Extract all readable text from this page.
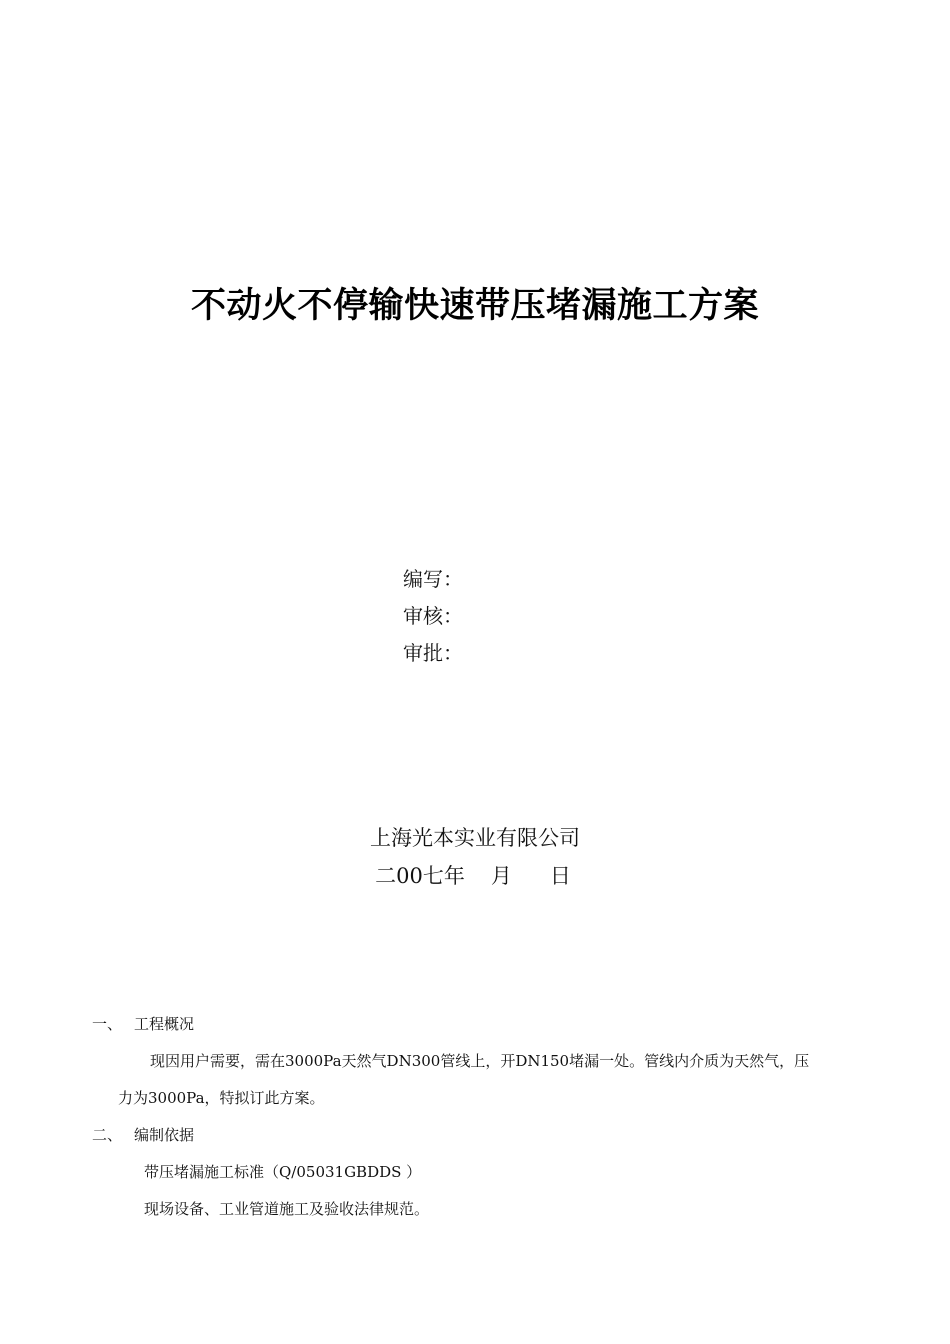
不动火不停输快速带压堵漏施工方案
编写：
审核：
审批：
上海光本实业有限公司
二00七年 月 日
一、 工程概况
现因用户需要，需在3000Pa天然气DN300管线上，开DN150堵漏一处。管线内介质为天然气，压
力为3000Pa，特拟订此方案。
二、 编制依据
带压堵漏施工标准（Q/05031GBDDS ）
现场设备、工业管道施工及验收法律规范。
